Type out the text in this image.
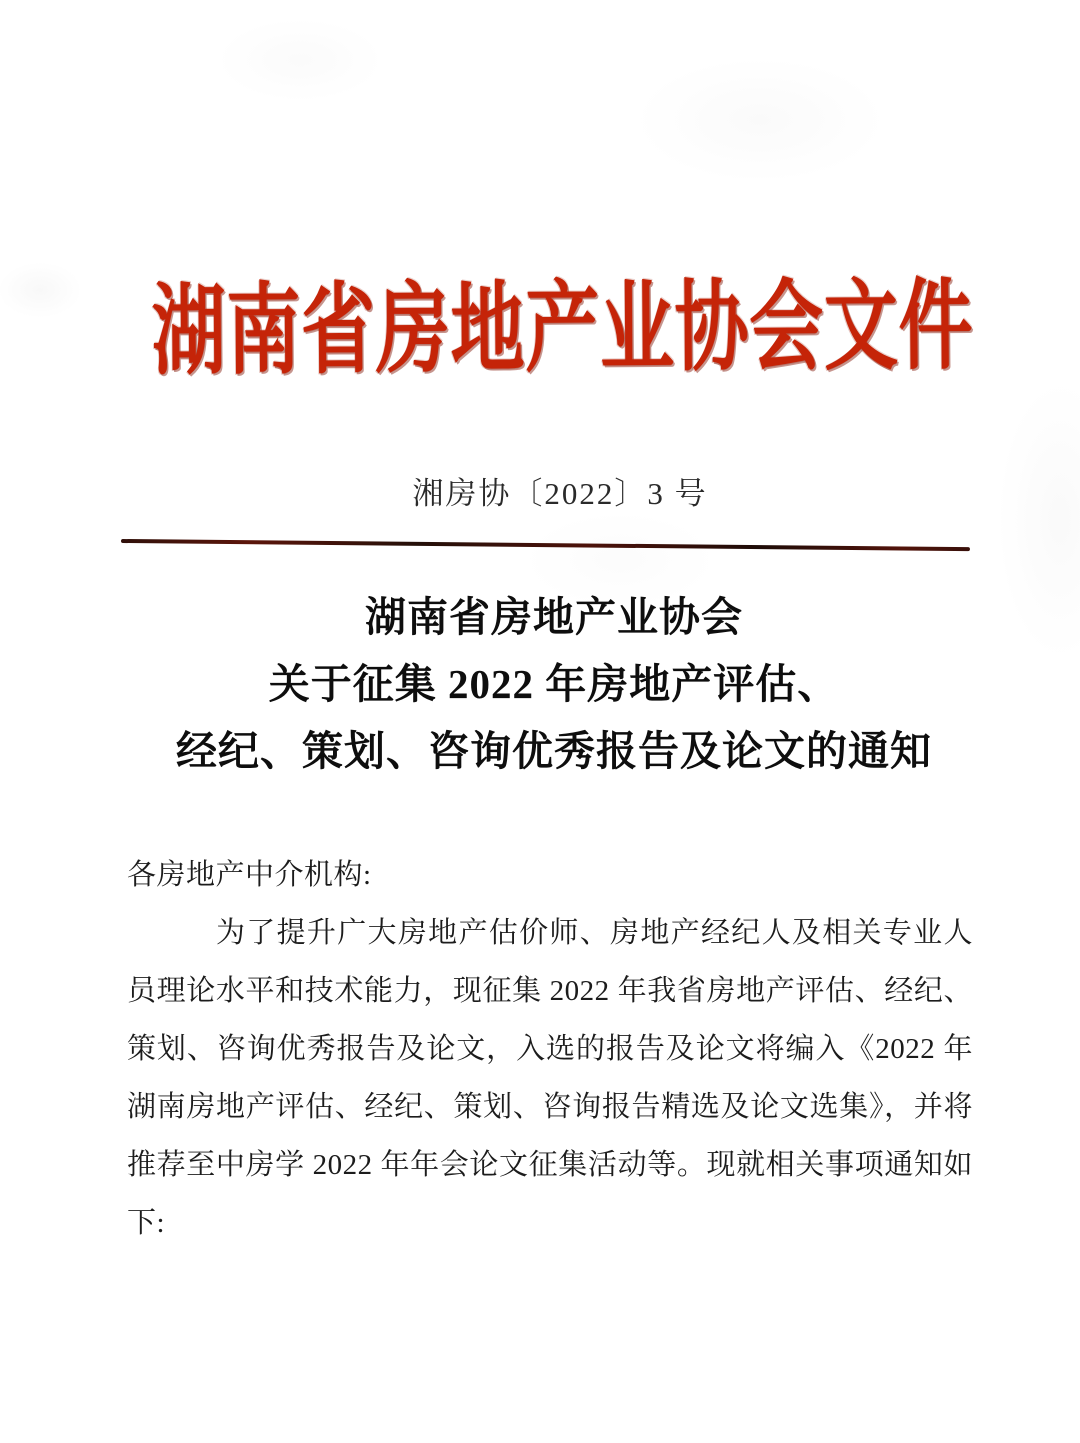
湖南省房地产业协会文件
湘房协〔2022〕3 号
湖南省房地产业协会
关于征集 2022 年房地产评估、
经纪、策划、咨询优秀报告及论文的通知

各房地产中介机构:

为了提升广大房地产估价师、房地产经纪人及相关专业人员理论水平和技术能力，现征集 2022 年我省房地产评估、经纪、策划、咨询优秀报告及论文，入选的报告及论文将编入《2022 年湖南房地产评估、经纪、策划、咨询报告精选及论文选集》，并将推荐至中房学 2022 年年会论文征集活动等。现就相关事项通知如下:
